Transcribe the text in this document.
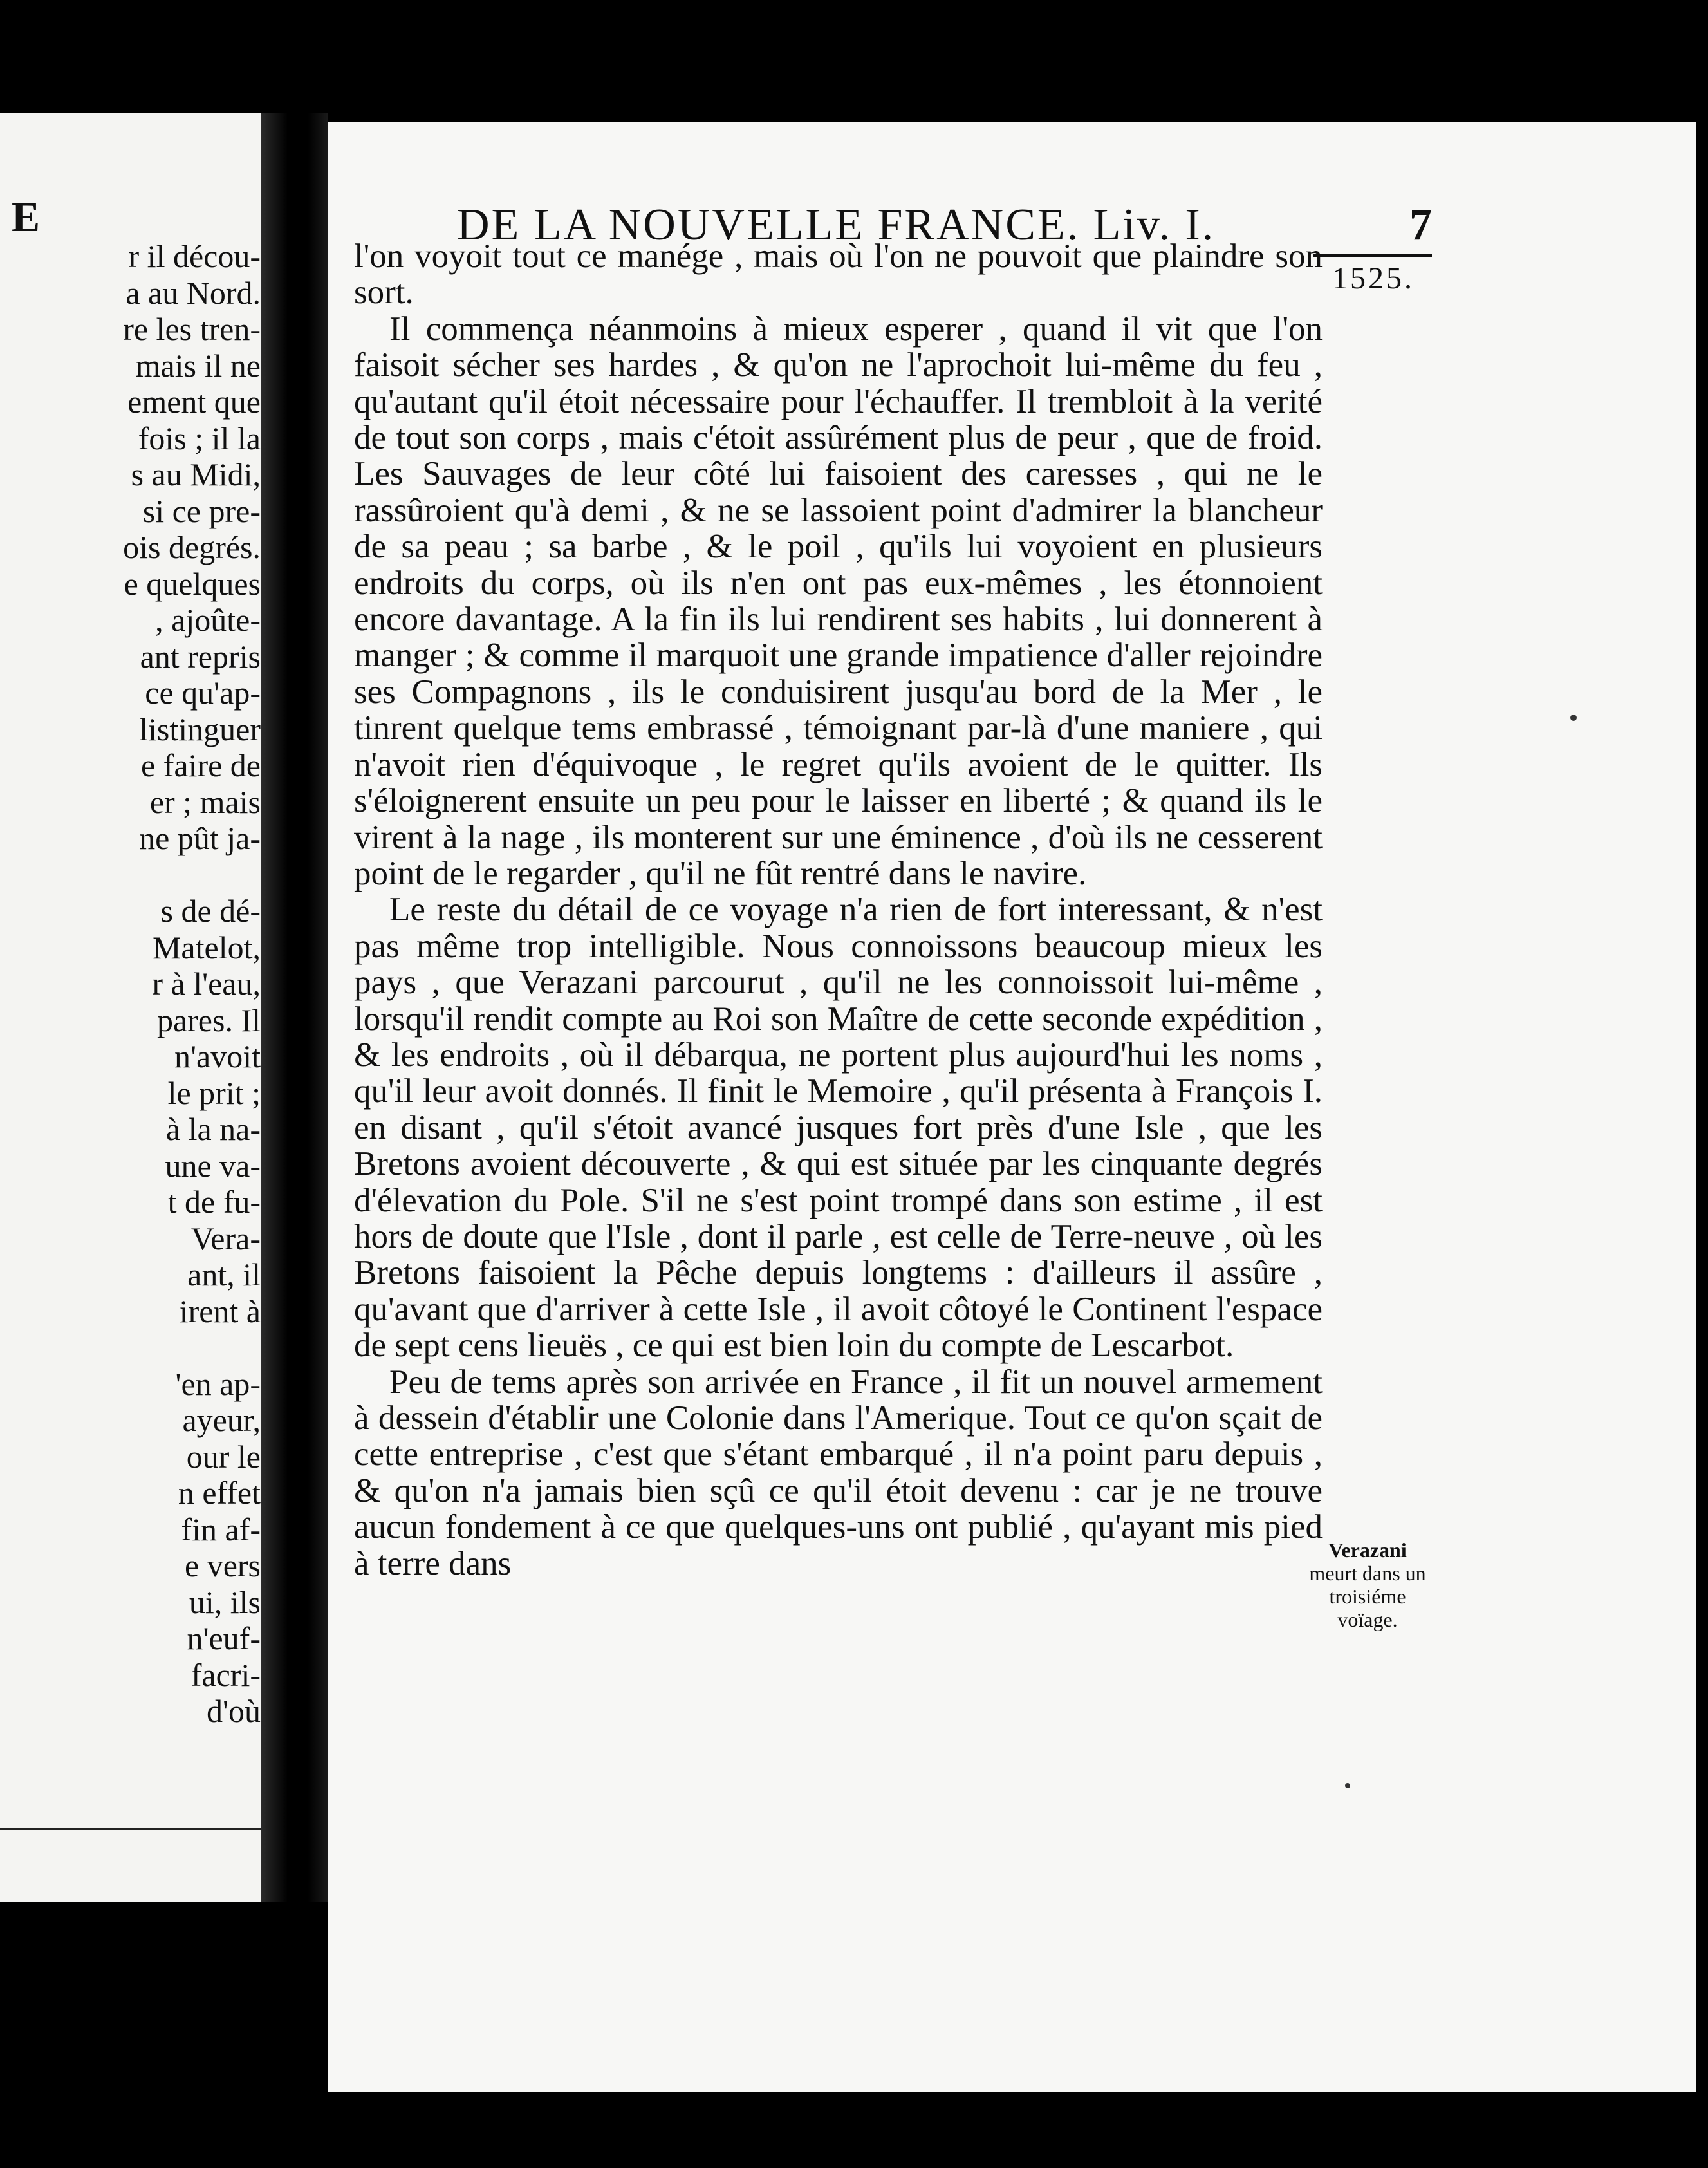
E
r il décou-
a au Nord.
re les tren-
mais il ne
ement que
fois ; il la
s au Midi,
si ce pre-
ois degrés.
e quelques
, ajoûte-
ant repris
ce qu'ap-
listinguer
e faire de
er ; mais
ne pût ja-
s de dé-
Matelot,
r à l'eau,
pares. Il
n'avoit
le prit ;
à la na-
une va-
t de fu-
Vera-
ant, il
irent à
'en ap-
ayeur,
our le
n effet
fin af-
e vers
ui, ils
n'euf-
facri-
d'où
DE LA NOUVELLE FRANCE. Liv. I.	7
1525.

l'on voyoit tout ce manége , mais où l'on ne pouvoit que plaindre son sort.

Il commença néanmoins à mieux esperer , quand il vit que l'on faisoit sécher ses hardes , & qu'on ne l'aprochoit lui-même du feu , qu'autant qu'il étoit nécessaire pour l'échauffer. Il trembloit à la verité de tout son corps , mais c'étoit assûrément plus de peur , que de froid. Les Sauvages de leur côté lui faisoient des caresses , qui ne le rassûroient qu'à demi , & ne se lassoient point d'admirer la blancheur de sa peau ; sa barbe , & le poil , qu'ils lui voyoient en plusieurs endroits du corps, où ils n'en ont pas eux-mêmes , les étonnoient encore davantage. A la fin ils lui rendirent ses habits , lui donnerent à manger ; & comme il marquoit une grande impatience d'aller rejoindre ses Compagnons , ils le conduisirent jusqu'au bord de la Mer , le tinrent quelque tems embrassé , témoignant par-là d'une maniere , qui n'avoit rien d'équivoque , le regret qu'ils avoient de le quitter. Ils s'éloignerent ensuite un peu pour le laisser en liberté ; & quand ils le virent à la nage , ils monterent sur une éminence , d'où ils ne cesserent point de le regarder , qu'il ne fût rentré dans le navire.

Le reste du détail de ce voyage n'a rien de fort interessant, & n'est pas même trop intelligible. Nous connoissons beaucoup mieux les pays , que Verazani parcourut , qu'il ne les connoissoit lui-même , lorsqu'il rendit compte au Roi son Maître de cette seconde expédition , & les endroits , où il débarqua, ne portent plus aujourd'hui les noms , qu'il leur avoit donnés. Il finit le Memoire , qu'il présenta à François I. en disant , qu'il s'étoit avancé jusques fort près d'une Isle , que les Bretons avoient découverte , & qui est située par les cinquante degrés d'élevation du Pole. S'il ne s'est point trompé dans son estime , il est hors de doute que l'Isle , dont il parle , est celle de Terre-neuve , où les Bretons faisoient la Pêche depuis longtems : d'ailleurs il assûre , qu'avant que d'arriver à cette Isle , il avoit côtoyé le Continent l'espace de sept cens lieuës , ce qui est bien loin du compte de Lescarbot.

Peu de tems après son arrivée en France , il fit un nouvel armement à dessein d'établir une Colonie dans l'Amerique. Tout ce qu'on sçait de cette entreprise , c'est que s'étant embarqué , il n'a point paru depuis , & qu'on n'a jamais bien sçû ce qu'il étoit devenu : car je ne trouve aucun fondement à ce que quelques-uns ont publié , qu'ayant mis pied à terre dans	Verazani
meurt dans un troisiéme voïage.
